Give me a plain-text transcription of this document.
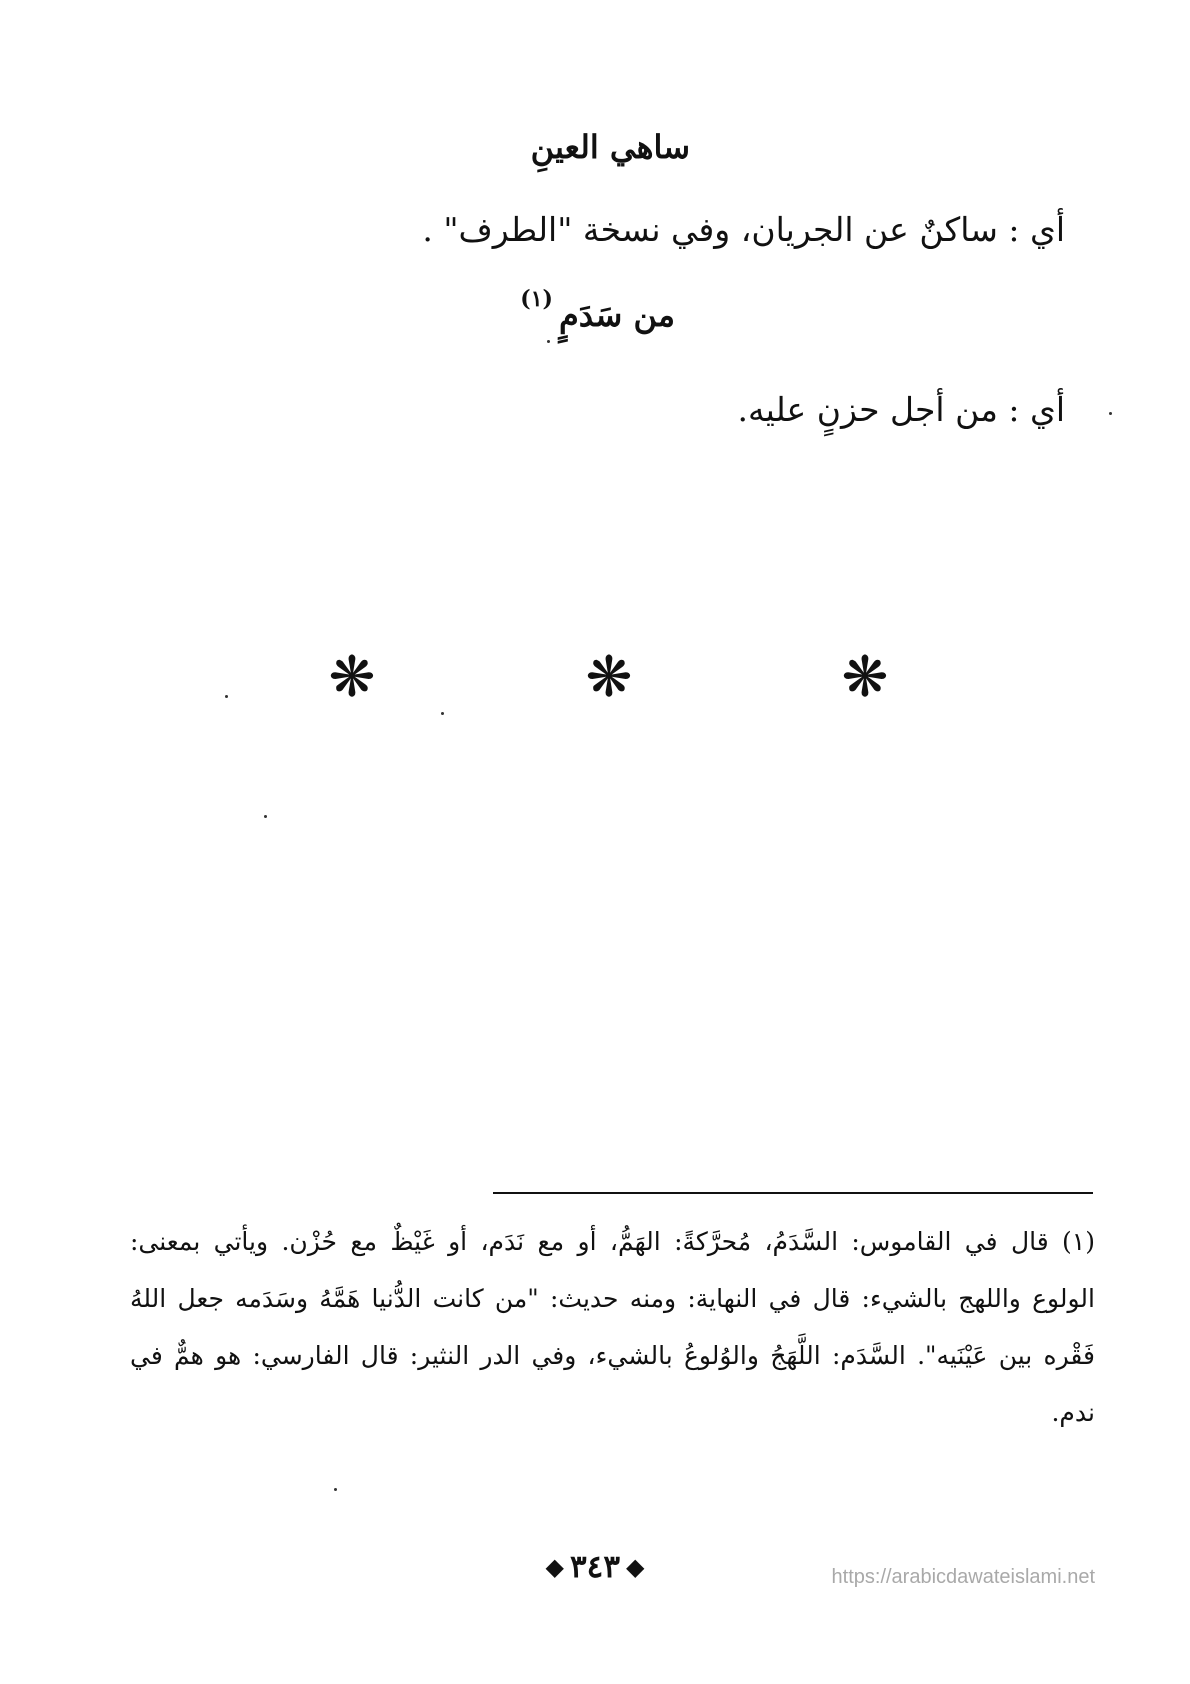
ساهي العينِ
أي : ساكنٌ عن الجريان، وفي نسخة "الطرف" .
من سَدَمٍ(١)
أي : من أجل حزنٍ عليه.
❋	❋	❋

(١) قال في القاموس: السَّدَمُ، مُحرَّكةً: الهَمُّ، أو مع نَدَم، أو غَيْظٌ مع حُزْن. ويأتي بمعنى: الولوع واللهج بالشيء: قال في النهاية: ومنه حديث: "من كانت الدُّنيا هَمَّهُ وسَدَمه جعل اللهُ فَقْره بين عَيْنَيه". السَّدَم: اللَّهَجُ والوُلوعُ بالشيء، وفي الدر النثير: قال الفارسي: هو همٌّ في ندم.

◆ ٣٤٣ ◆	https://arabicdawateislami.net
